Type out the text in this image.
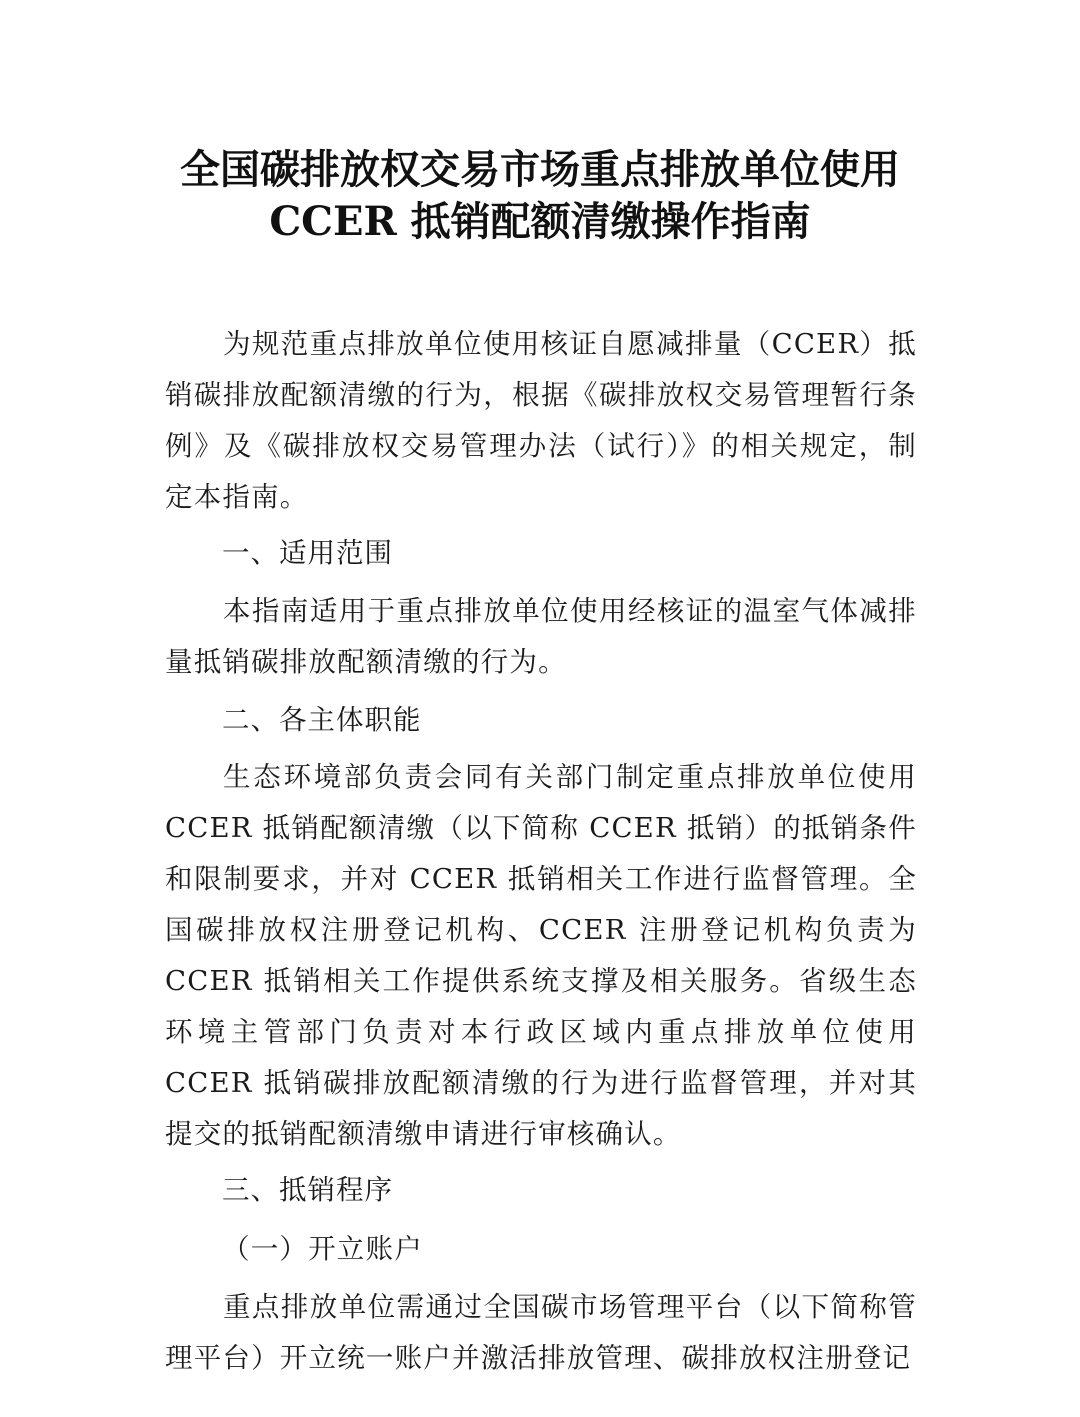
全国碳排放权交易市场重点排放单位使用
CCER 抵销配额清缴操作指南

为规范重点排放单位使用核证自愿减排量（CCER）抵销碳排放配额清缴的行为，根据《碳排放权交易管理暂行条例》及《碳排放权交易管理办法（试行）》的相关规定，制定本指南。

一、适用范围

本指南适用于重点排放单位使用经核证的温室气体减排量抵销碳排放配额清缴的行为。

二、各主体职能

生态环境部负责会同有关部门制定重点排放单位使用 CCER 抵销配额清缴（以下简称 CCER 抵销）的抵销条件和限制要求，并对 CCER 抵销相关工作进行监督管理。全国碳排放权注册登记机构、CCER 注册登记机构负责为 CCER 抵销相关工作提供系统支撑及相关服务。省级生态环境主管部门负责对本行政区域内重点排放单位使用 CCER 抵销碳排放配额清缴的行为进行监督管理，并对其提交的抵销配额清缴申请进行审核确认。

三、抵销程序
（一）开立账户

重点排放单位需通过全国碳市场管理平台（以下简称管理平台）开立统一账户并激活排放管理、碳排放权注册登记
